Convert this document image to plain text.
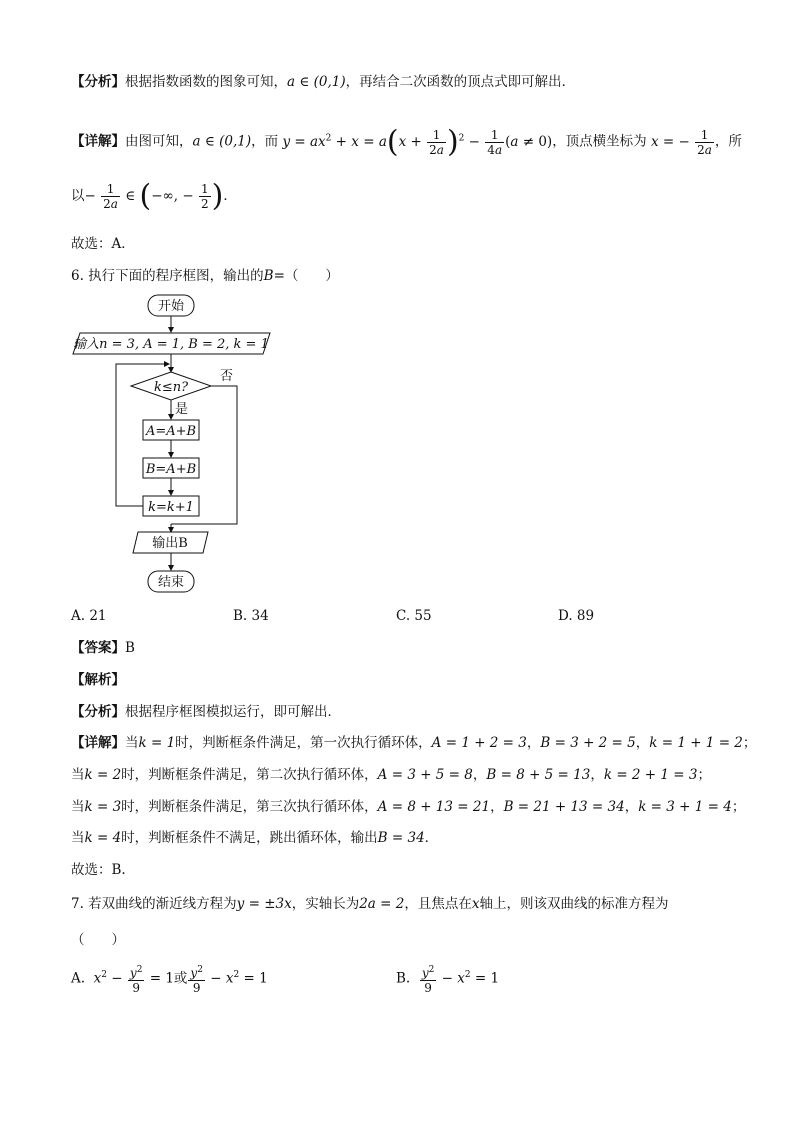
【分析】根据指数函数的图象可知，a ∈ (0,1)，再结合二次函数的顶点式即可解出．
【详解】由图可知，a ∈ (0,1)，而 $y = ax^2 + x = a(x + \frac{1}{2a} )^2 - \frac{1}{4a} (a \ne 0)$，顶点横坐标为 x = − $\frac{1}{2a}$ ，所
以− $\frac{1}{2a}$ ∈ (−∞, − $\frac{1}{2}$ )．
故选：A．
6. 执行下面的程序框图，输出的B=（　　）
开始
输入n = 3, A = 1, B = 2, k = 1
k≤n?
否
是
A=A+B
B=A+B
k=k+1
输出B
结束
A. 21	B. 34	C. 55	D. 89
【答案】B
【解析】
【分析】根据程序框图模拟运行，即可解出．
【详解】当k = 1时，判断框条件满足，第一次执行循环体，A = 1 + 2 = 3，B = 3 + 2 = 5，k = 1 + 1 = 2；
当k = 2时，判断框条件满足，第二次执行循环体，A = 3 + 5 = 8，B = 8 + 5 = 13，k = 2 + 1 = 3；
当k = 3时，判断框条件满足，第三次执行循环体，A = 8 + 13 = 21，B = 21 + 13 = 34，k = 3 + 1 = 4；
当k = 4时，判断框条件不满足，跳出循环体，输出B = 34．
故选：B.
7. 若双曲线的渐近线方程为y = ±3x，实轴长为2a = 2，且焦点在x轴上，则该双曲线的标准方程为
（　　）
A. $x^2 - \frac{y^2}{9} = 1$或 $\frac{y^2}{9} - x^2 = 1$	B. $\frac{y^2}{9} - x^2 = 1$
